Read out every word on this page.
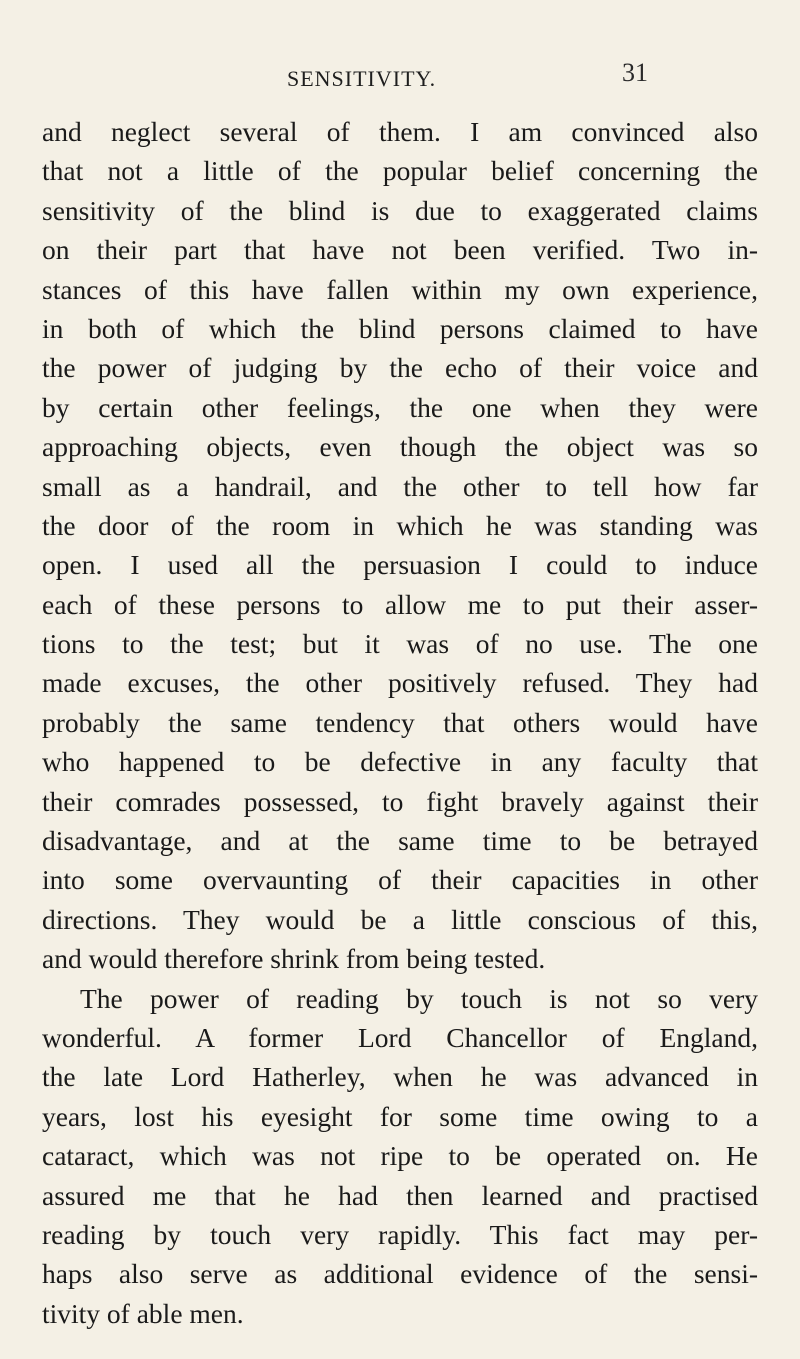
SENSITIVITY.	31
and neglect several of them. I am convinced also
that not a little of the popular belief concerning the
sensitivity of the blind is due to exaggerated claims
on their part that have not been verified. Two in-
stances of this have fallen within my own experience,
in both of which the blind persons claimed to have
the power of judging by the echo of their voice and
by certain other feelings, the one when they were
approaching objects, even though the object was so
small as a handrail, and the other to tell how far
the door of the room in which he was standing was
open. I used all the persuasion I could to induce
each of these persons to allow me to put their asser-
tions to the test; but it was of no use. The one
made excuses, the other positively refused. They had
probably the same tendency that others would have
who happened to be defective in any faculty that
their comrades possessed, to fight bravely against their
disadvantage, and at the same time to be betrayed
into some overvaunting of their capacities in other
directions. They would be a little conscious of this,
and would therefore shrink from being tested.
The power of reading by touch is not so very
wonderful. A former Lord Chancellor of England,
the late Lord Hatherley, when he was advanced in
years, lost his eyesight for some time owing to a
cataract, which was not ripe to be operated on. He
assured me that he had then learned and practised
reading by touch very rapidly. This fact may per-
haps also serve as additional evidence of the sensi-
tivity of able men.
